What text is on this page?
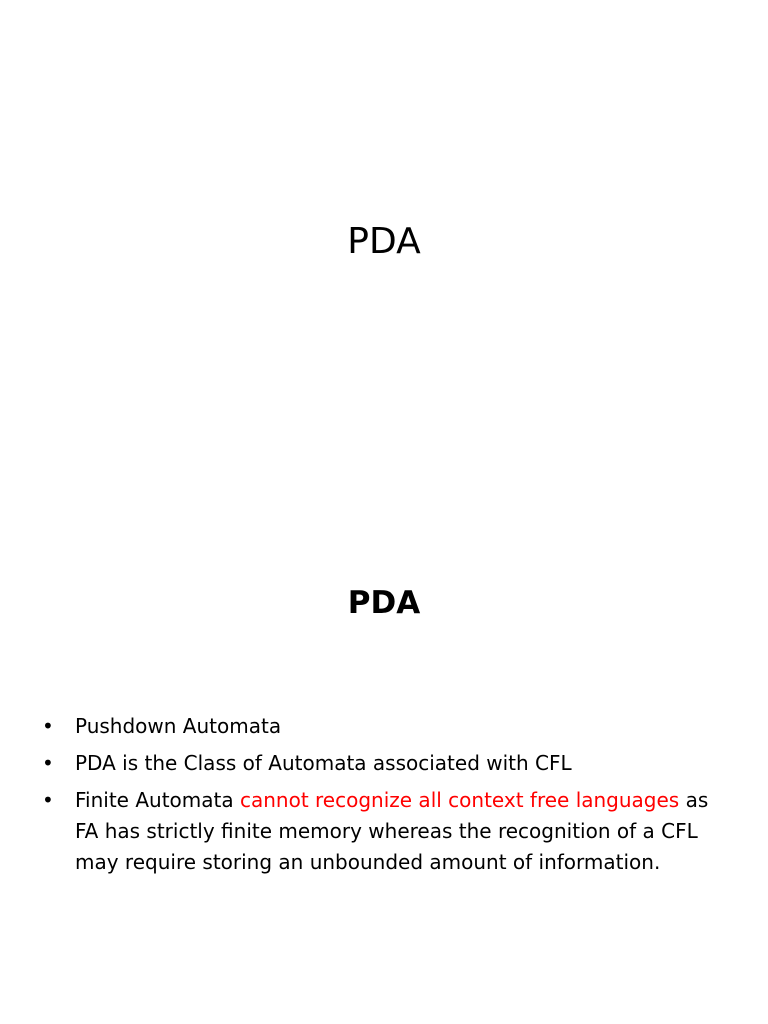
PDA
PDA
• Pushdown Automata
• PDA is the Class of Automata associated with CFL
• Finite Automata cannot recognize all context free languages as FA has strictly finite memory whereas the recognition of a CFL may require storing an unbounded amount of information.
